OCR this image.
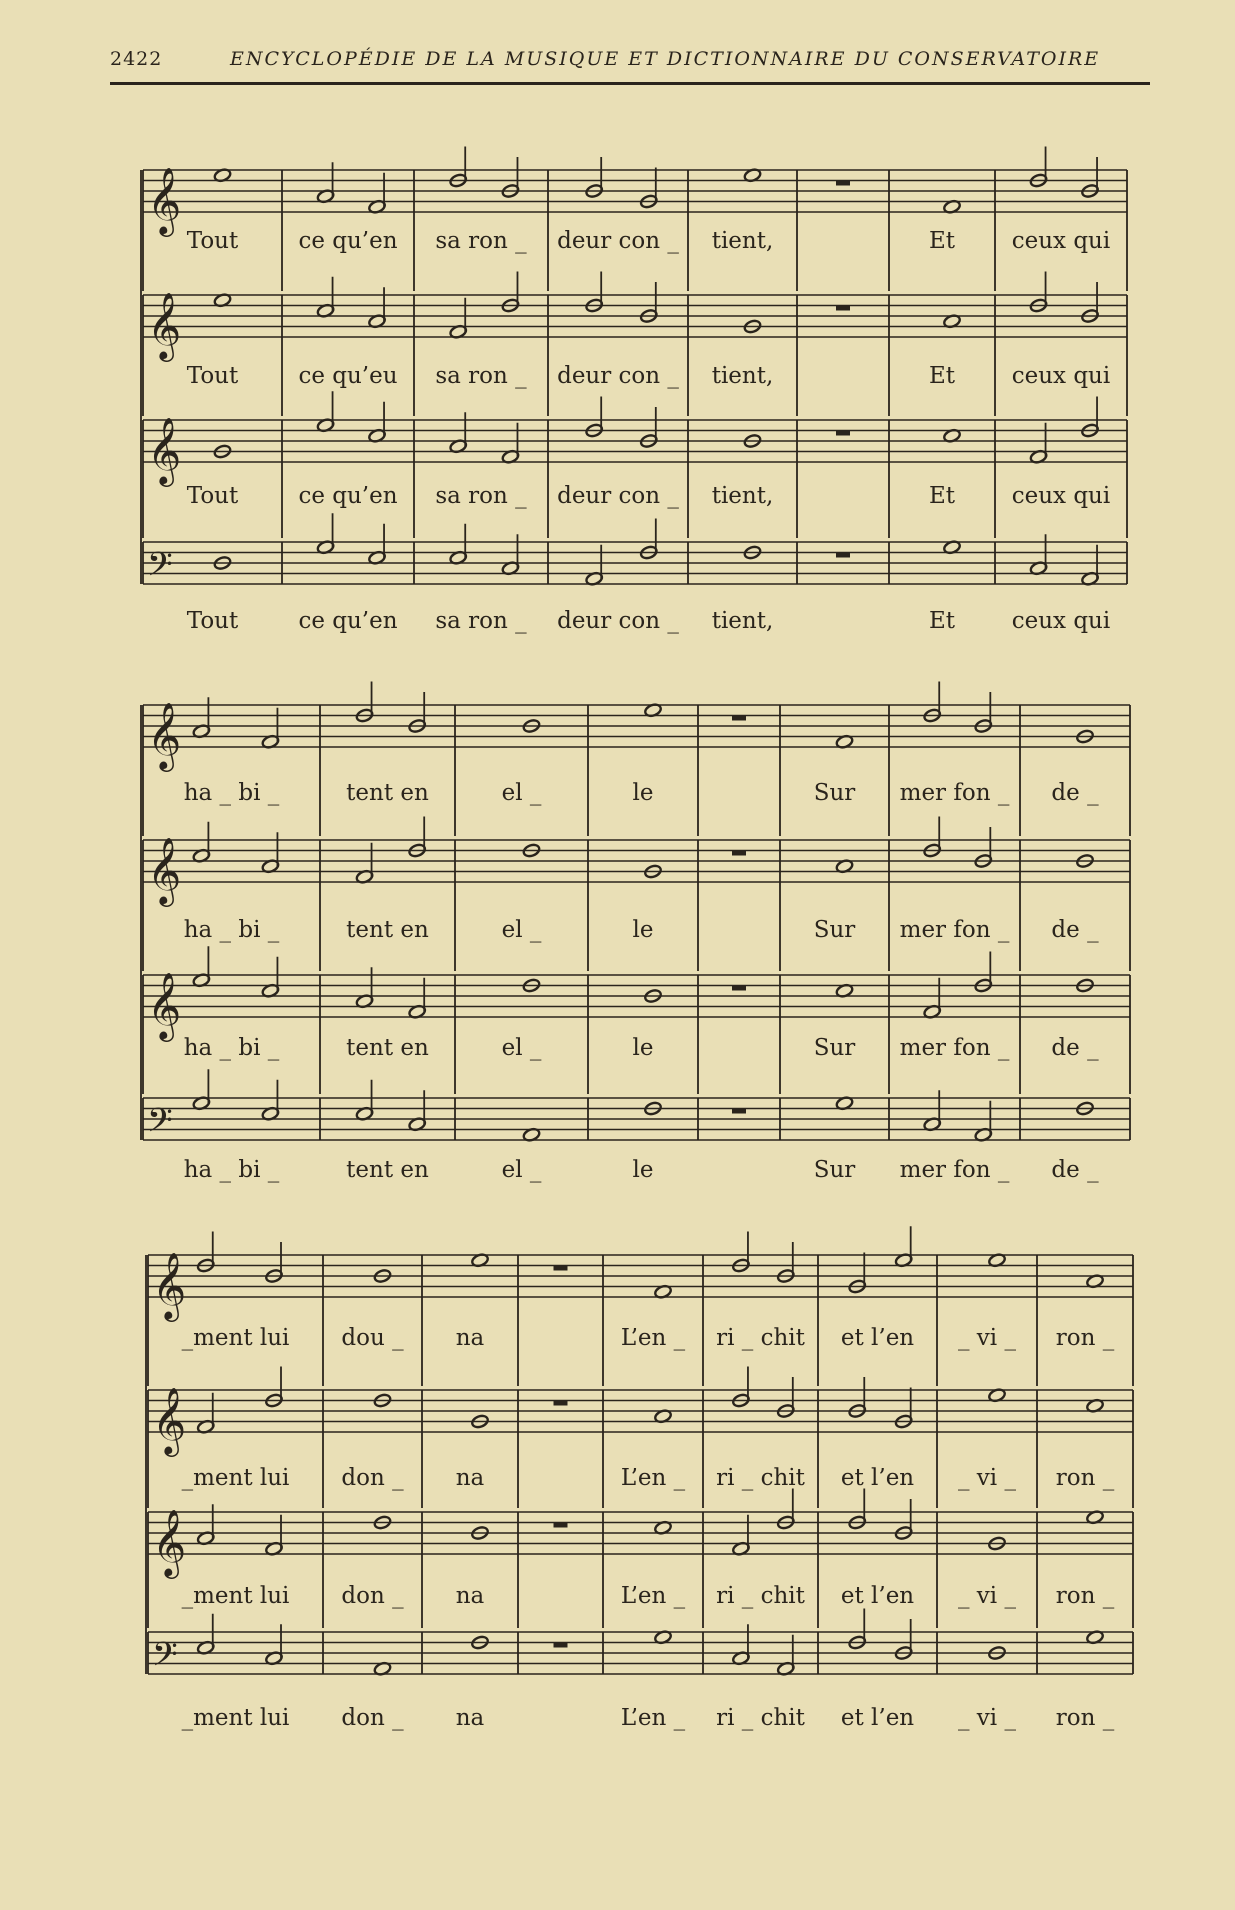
2422	ENCYCLOPÉDIE DE LA MUSIQUE ET DICTIONNAIRE DU CONSERVATOIRE
𝄞
Tout	ce qu’en sa ron _ deur con _ tient,	Et ceux qui
𝄞
Tout	ce qu’eu sa ron _ deur con _ tient,	Et ceux qui
𝄞
Tout	ce qu’en sa ron _ deur con _ tient,	Et ceux qui
𝄢
Tout	ce qu’en sa ron _ deur con _ tient,	Et ceux qui
𝄞
ha _ bi _	tent en	el _	le	Sur mer fon _ de _
𝄞
ha _ bi _	tent en	el _	le	Sur mer fon _ de _
𝄞
ha _ bi _	tent en	el _	le	Sur mer fon _ de _
𝄢
ha _ bi _	tent en	el _	le	Sur mer fon _ de _
𝄞
_ment lui dou _ na	L’en _ ri _ chit et l’en _ vi _ ron _
𝄞
_ment lui don _ na	L’en _ ri _ chit et l’en _ vi _ ron _
𝄞
_ment lui don _ na	L’en _ ri _ chit et l’en _ vi _ ron _
𝄢
_ment lui don _ na	L’en _ ri _ chit et l’en _ vi _ ron _
